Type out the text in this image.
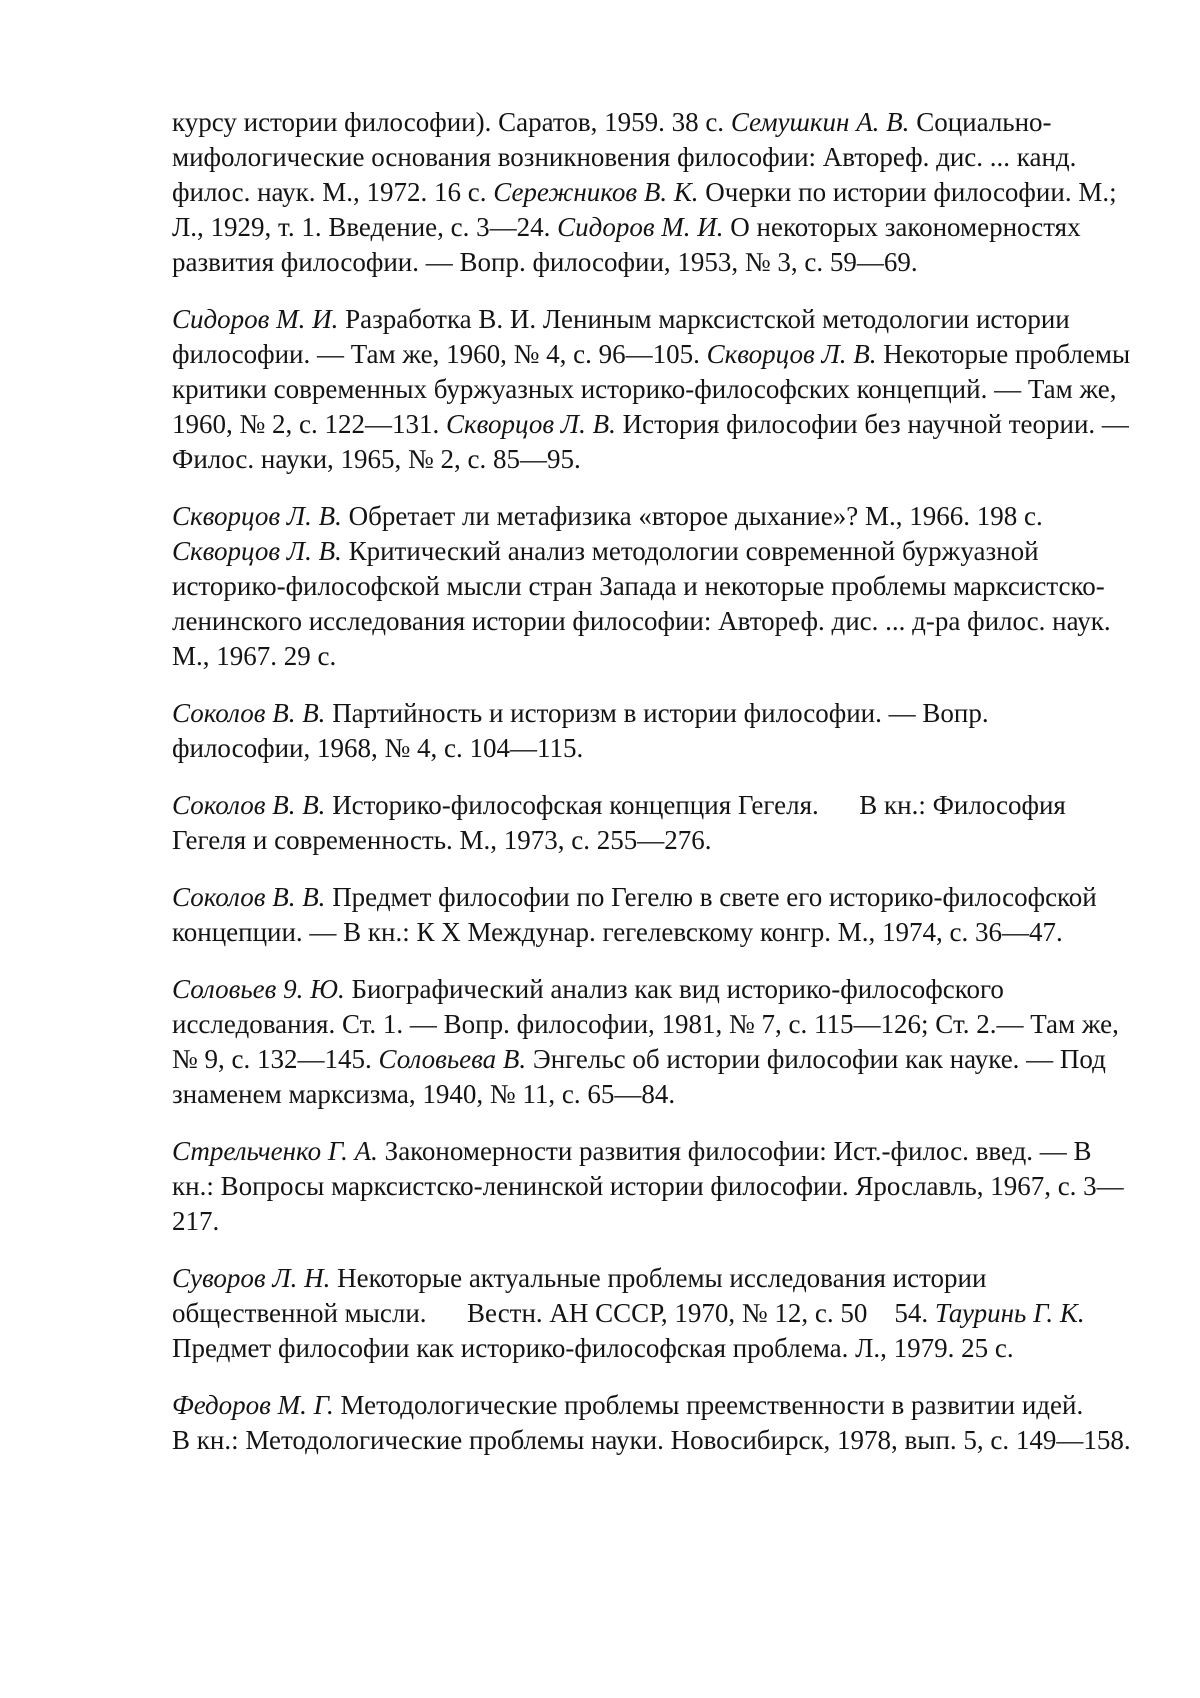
курсу истории философии). Саратов, 1959. 38 с. Семушкин А. В. Социально-мифологические основания возникновения философии: Автореф. дис. ... канд. филос. наук. М., 1972. 16 с. Сережников В. К. Очерки по истории философии. М.; Л., 1929, т. 1. Введение, с. 3—24. Сидоров М. И. О некоторых закономерностях развития философии. — Вопр. философии, 1953, № 3, с. 59—69.

Сидоров М. И. Разработка В. И. Лениным марксистской методологии истории философии. — Там же, 1960, № 4, с. 96—105. Скворцов Л. В. Некоторые проблемы критики современных буржуазных историко-философских концепций. — Там же, 1960, № 2, с. 122—131. Скворцов Л. В. История философии без научной теории. — Филос. науки, 1965, № 2, с. 85—95.

Скворцов Л. В. Обретает ли метафизика «второе дыхание»? М., 1966. 198 с. Скворцов Л. В. Критический анализ методологии современной буржуазной историко-философской мысли стран Запада и некоторые проблемы марксистско-ленинского исследования истории философии: Автореф. дис. ... д-ра филос. наук. М., 1967. 29 с.

Соколов В. В. Партийность и историзм в истории философии. — Вопр. философии, 1968, № 4, с. 104—115.

Соколов В. В. Историко-философская концепция Гегеля.      В кн.: Философия Гегеля и современность. М., 1973, с. 255—276.

Соколов В. В. Предмет философии по Гегелю в свете его историко-философской концепции. — В кн.: К X Междунар. гегелевскому конгр. М., 1974, с. 36—47.

Соловьев 9. Ю. Биографический анализ как вид историко-философского исследования. Ст. 1. — Вопр. философии, 1981, № 7, с. 115—126; Ст. 2.— Там же, № 9, с. 132—145. Соловьева В. Энгельс об истории философии как науке. — Под знаменем марксизма, 1940, № 11, с. 65—84.

Стрельченко Г. А. Закономерности развития философии: Ист.-филос. введ. — В кн.: Вопросы марксистско-ленинской истории философии. Ярославль, 1967, с. 3—217.

Суворов Л. Н. Некоторые актуальные проблемы исследования истории общественной мысли.      Вестн. АН СССР, 1970, № 12, с. 50    54. Тауринь Г. К. Предмет философии как историко-философская проблема. Л., 1979. 25 с.

Федоров М. Г. Методологические проблемы преемственности в развитии идей.      В кн.: Методологические проблемы науки. Новосибирск, 1978, вып. 5, с. 149—158.
